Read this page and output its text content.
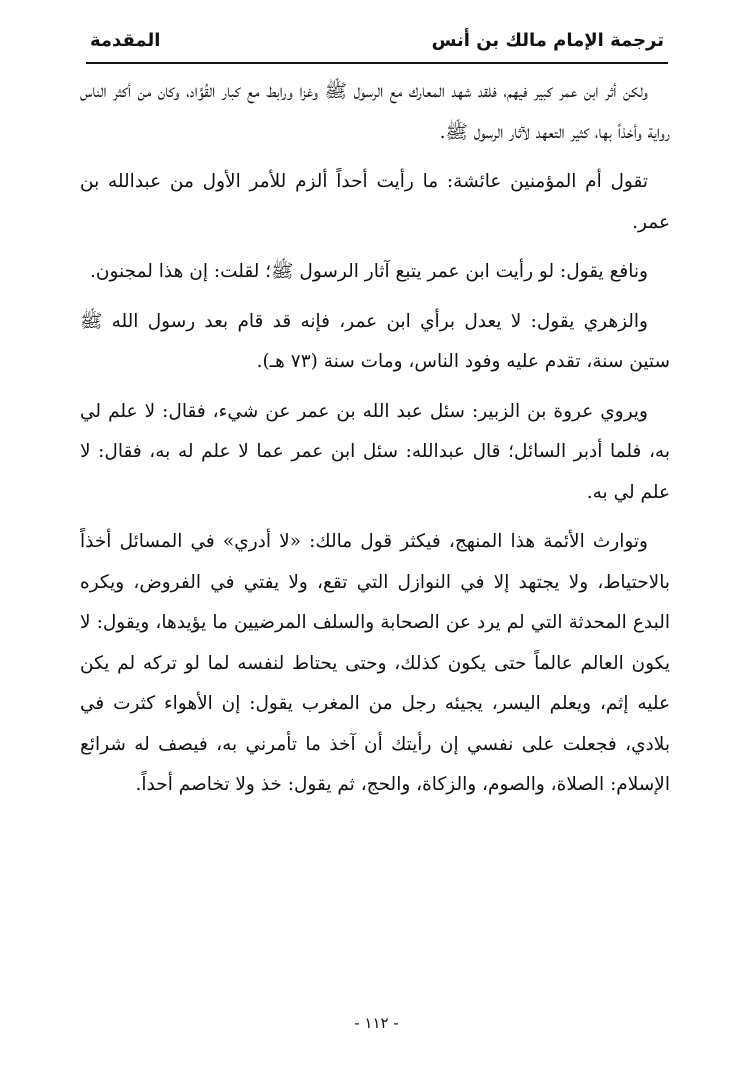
ترجمة الإمام مالك بن أنس
المقدمة

ولكن أثر ابن عمر كبير فيهم، فلقد شهد المعارك مع الرسول ﷺ وغزا ورابط مع كبار القُوَّاد، وكان من أكثر الناس رواية وأخذاً بها، كثير التعهد لآثار الرسول ﷺ.

تقول أم المؤمنين عائشة: ما رأيت أحداً ألزم للأمر الأول من عبدالله بن عمر.

ونافع يقول: لو رأيت ابن عمر يتبع آثار الرسول ﷺ؛ لقلت: إن هذا لمجنون.

والزهري يقول: لا يعدل برأي ابن عمر، فإنه قد قام بعد رسول الله ﷺ ستين سنة، تقدم عليه وفود الناس، ومات سنة (٧٣ هـ).

ويروي عروة بن الزبير: سئل عبد الله بن عمر عن شيء، فقال: لا علم لي به، فلما أدبر السائل؛ قال عبدالله: سئل ابن عمر عما لا علم له به، فقال: لا علم لي به.

وتوارث الأئمة هذا المنهج، فيكثر قول مالك: «لا أدري» في المسائل أخذاً بالاحتياط، ولا يجتهد إلا في النوازل التي تقع، ولا يفتي في الفروض، ويكره البدع المحدثة التي لم يرد عن الصحابة والسلف المرضيين ما يؤيدها، ويقول: لا يكون العالم عالماً حتى يكون كذلك، وحتى يحتاط لنفسه لما لو تركه لم يكن عليه إثم، ويعلم اليسر، يجيئه رجل من المغرب يقول: إن الأهواء كثرت في بلادي، فجعلت على نفسي إن رأيتك أن آخذ ما تأمرني به، فيصف له شرائع الإسلام: الصلاة، والصوم، والزكاة، والحج، ثم يقول: خذ ولا تخاصم أحداً.

- ١١٢ -
